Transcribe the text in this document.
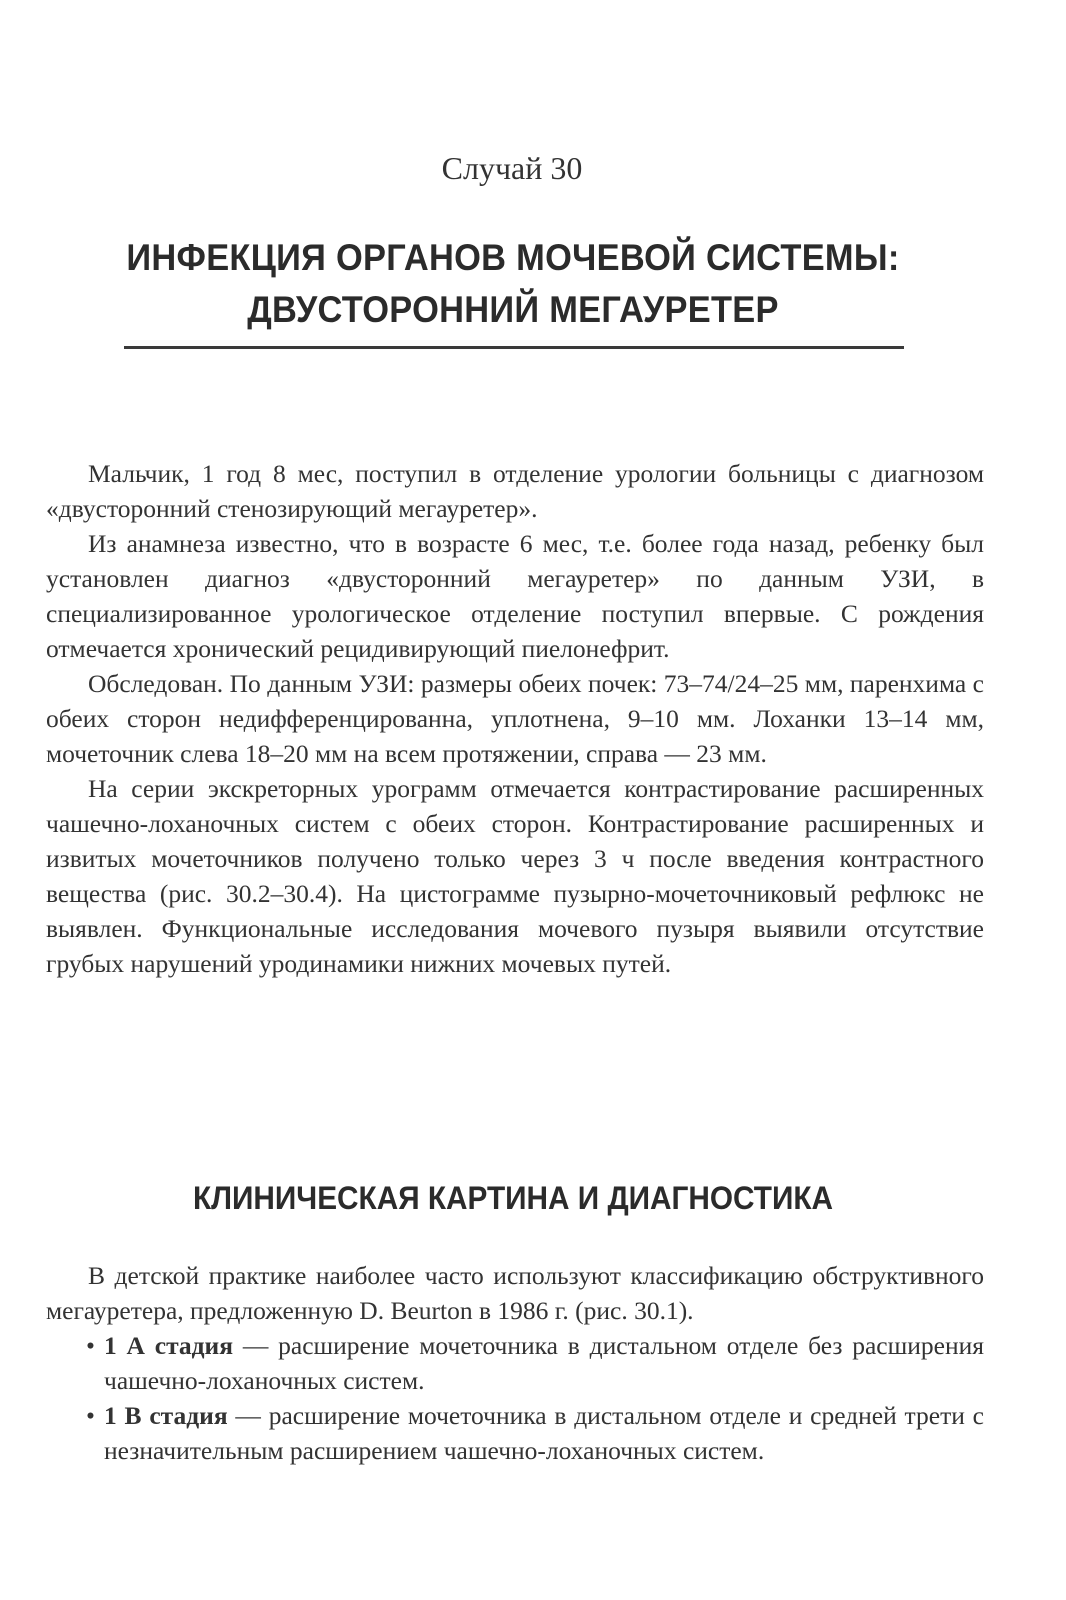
Случай 30
ИНФЕКЦИЯ ОРГАНОВ МОЧЕВОЙ СИСТЕМЫ:
ДВУСТОРОННИЙ МЕГАУРЕТЕР

Мальчик, 1 год 8 мес, поступил в отделение урологии больницы с диагнозом «двусторонний стенозирующий мегауретер».

Из анамнеза известно, что в возрасте 6 мес, т.е. более года назад, ребенку был установлен диагноз «двусторонний мегауретер» по данным УЗИ, в специализированное урологическое отделение поступил впервые. С рождения отмечается хронический рецидивирующий пиелонефрит.

Обследован. По данным УЗИ: размеры обеих почек: 73–74/24–25 мм, паренхима с обеих сторон недифференцированна, уплотнена, 9–10 мм. Лоханки 13–14 мм, мочеточник слева 18–20 мм на всем протяжении, справа — 23 мм.

На серии экскреторных урограмм отмечается контрастирование расширенных чашечно-лоханочных систем с обеих сторон. Контрастирование расширенных и извитых мочеточников получено только через 3 ч после введения контрастного вещества (рис. 30.2–30.4). На цистограмме пузырно-мочеточниковый рефлюкс не выявлен. Функциональные исследования мочевого пузыря выявили отсутствие грубых нарушений уродинамики нижних мочевых путей.

КЛИНИЧЕСКАЯ КАРТИНА И ДИАГНОСТИКА

В детской практике наиболее часто используют классификацию обструктивного мегауретера, предложенную D. Beurton в 1986 г. (рис. 30.1).

• 1 А стадия — расширение мочеточника в дистальном отделе без расширения чашечно-лоханочных систем.
• 1 В стадия — расширение мочеточника в дистальном отделе и средней трети с незначительным расширением чашечно-лоханочных систем.
